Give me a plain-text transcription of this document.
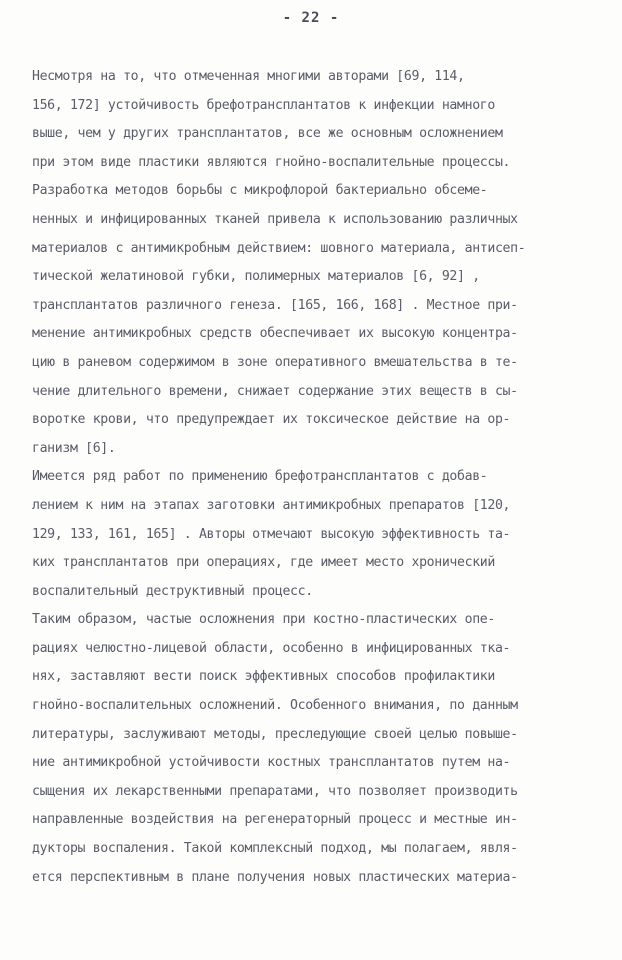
- 22 -
Несмотря на то, что отмеченная многими авторами [69, 114,
156, 172] устойчивость брефотрансплантатов к инфекции намного
выше, чем у других трансплантатов, все же основным осложнением
при этом виде пластики являются гнойно-воспалительные процессы.
Разработка методов борьбы с микрофлорой бактериально обсеме-
ненных и инфицированных тканей привела к использованию различных
материалов с антимикробным действием: шовного материала, антисеп-
тической желатиновой губки, полимерных материалов [6, 92] ,
трансплантатов различного генеза. [165, 166, 168] . Местное при-
менение антимикробных средств обеспечивает их высокую концентра-
цию в раневом содержимом в зоне оперативного вмешательства в те-
чение длительного времени, снижает содержание этих веществ в сы-
воротке крови, что предупреждает их токсическое действие на ор-
ганизм [6].
Имеется ряд работ по применению брефотрансплантатов с добав-
лением к ним на этапах заготовки антимикробных препаратов [120,
129, 133, 161, 165] . Авторы отмечают высокую эффективность та-
ких трансплантатов при операциях, где имеет место хронический
воспалительный деструктивный процесс.
Таким образом, частые осложнения при костно-пластических опе-
рациях челюстно-лицевой области, особенно в инфицированных тка-
нях, заставляют вести поиск эффективных способов профилактики
гнойно-воспалительных осложнений. Особенного внимания, по данным
литературы, заслуживают методы, преследующие своей целью повыше-
ние антимикробной устойчивости костных трансплантатов путем на-
сыщения их лекарственными препаратами, что позволяет производить
направленные воздействия на регенераторный процесс и местные ин-
дукторы воспаления. Такой комплексный подход, мы полагаем, явля-
ется перспективным в плане получения новых пластических материа-
